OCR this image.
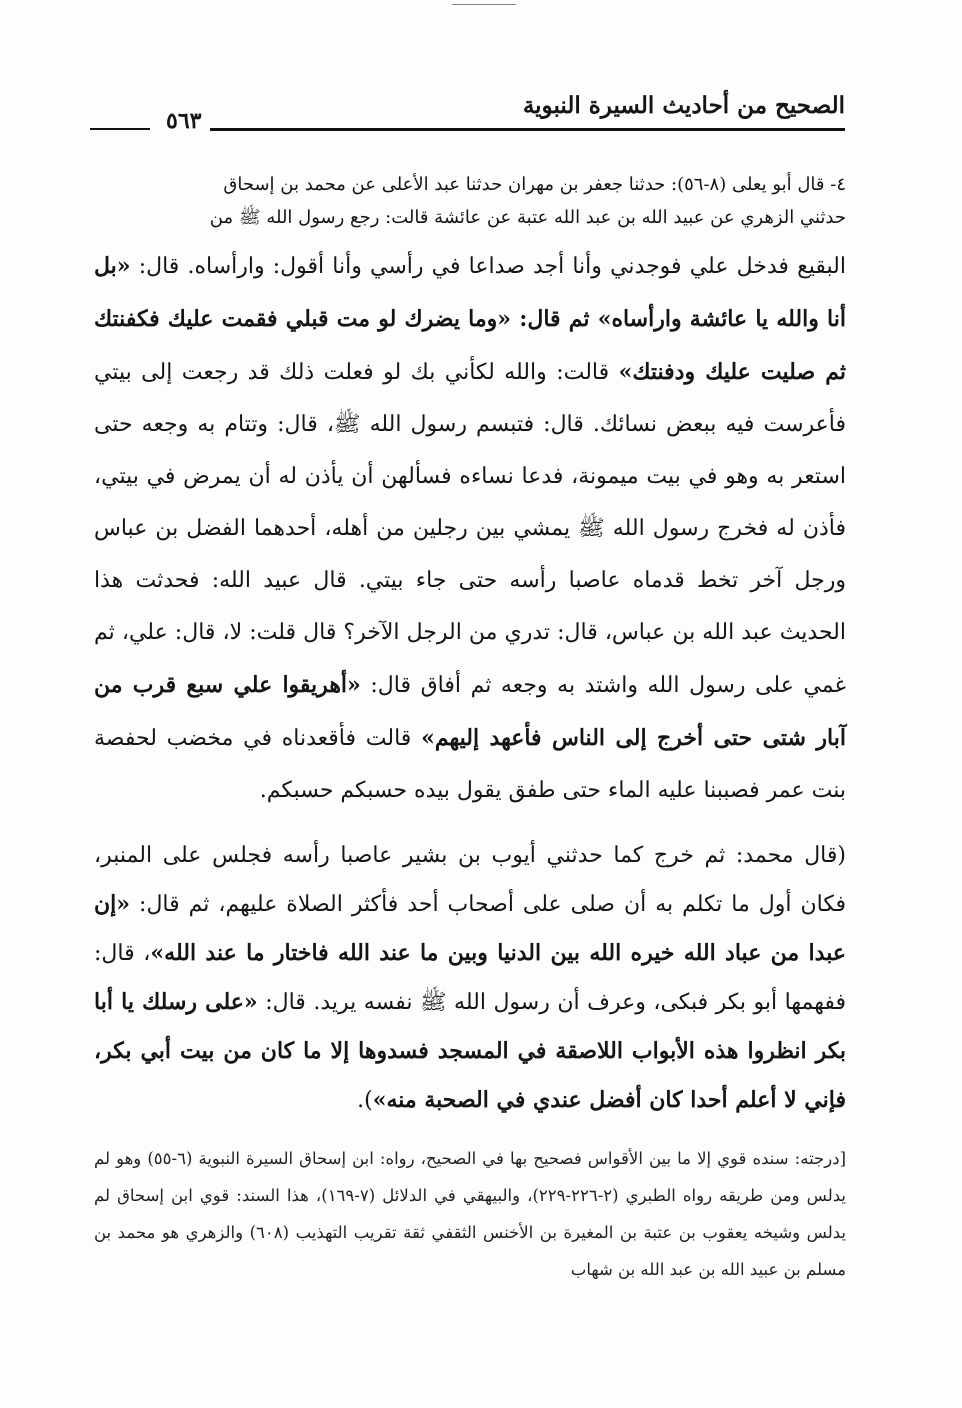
الصحيح من أحاديث السيرة النبوية
٥٦٣
٤- قال أبو يعلى (٨-٥٦): حدثنا جعفر بن مهران حدثنا عبد الأعلى عن محمد بن إسحاق
حدثني الزهري عن عبيد الله بن عبد الله عتبة عن عائشة قالت: رجع رسول الله ﷺ من
البقيع فدخل علي فوجدني وأنا أجد صداعا في رأسي وأنا أقول: وارأساه. قال: «بل أنا والله يا عائشة وارأساه» ثم قال: «وما يضرك لو مت قبلي فقمت عليك فكفنتك ثم صليت عليك ودفنتك» قالت: والله لكأني بك لو فعلت ذلك قد رجعت إلى بيتي فأعرست فيه ببعض نسائك. قال: فتبسم رسول الله ﷺ، قال: وتتام به وجعه حتى استعر به وهو في بيت ميمونة، فدعا نساءه فسألهن أن يأذن له أن يمرض في بيتي، فأذن له فخرج رسول الله ﷺ يمشي بين رجلين من أهله، أحدهما الفضل بن عباس ورجل آخر تخط قدماه عاصبا رأسه حتى جاء بيتي. قال عبيد الله: فحدثت هذا الحديث عبد الله بن عباس، قال: تدري من الرجل الآخر؟ قال قلت: لا، قال: علي، ثم غمي على رسول الله واشتد به وجعه ثم أفاق قال: «أهريقوا علي سبع قرب من آبار شتى حتى أخرج إلى الناس فأعهد إليهم» قالت فأقعدناه في مخضب لحفصة بنت عمر فصببنا عليه الماء حتى طفق يقول بيده حسبكم حسبكم.
(قال محمد: ثم خرج كما حدثني أيوب بن بشير عاصبا رأسه فجلس على المنبر، فكان أول ما تكلم به أن صلى على أصحاب أحد فأكثر الصلاة عليهم، ثم قال: «إن عبدا من عباد الله خيره الله بين الدنيا وبين ما عند الله فاختار ما عند الله»، قال: ففهمها أبو بكر فبكى، وعرف أن رسول الله ﷺ نفسه يريد. قال: «على رسلك يا أبا بكر انظروا هذه الأبواب اللاصقة في المسجد فسدوها إلا ما كان من بيت أبي بكر، فإني لا أعلم أحدا كان أفضل عندي في الصحبة منه»).
[درجته: سنده قوي إلا ما بين الأقواس فصحيح بها في الصحيح، رواه: ابن إسحاق السيرة النبوية (٦-٥٥) وهو لم يدلس ومن طريقه رواه الطبري (٢-٢٢٦-٢٢٩)، والبيهقي في الدلائل (٧-١٦٩)، هذا السند: قوي ابن إسحاق لم يدلس وشيخه يعقوب بن عتبة بن المغيرة بن الأخنس الثقفي ثقة تقريب التهذيب (٦٠٨) والزهري هو محمد بن مسلم بن عبيد الله بن عبد الله بن شهاب
